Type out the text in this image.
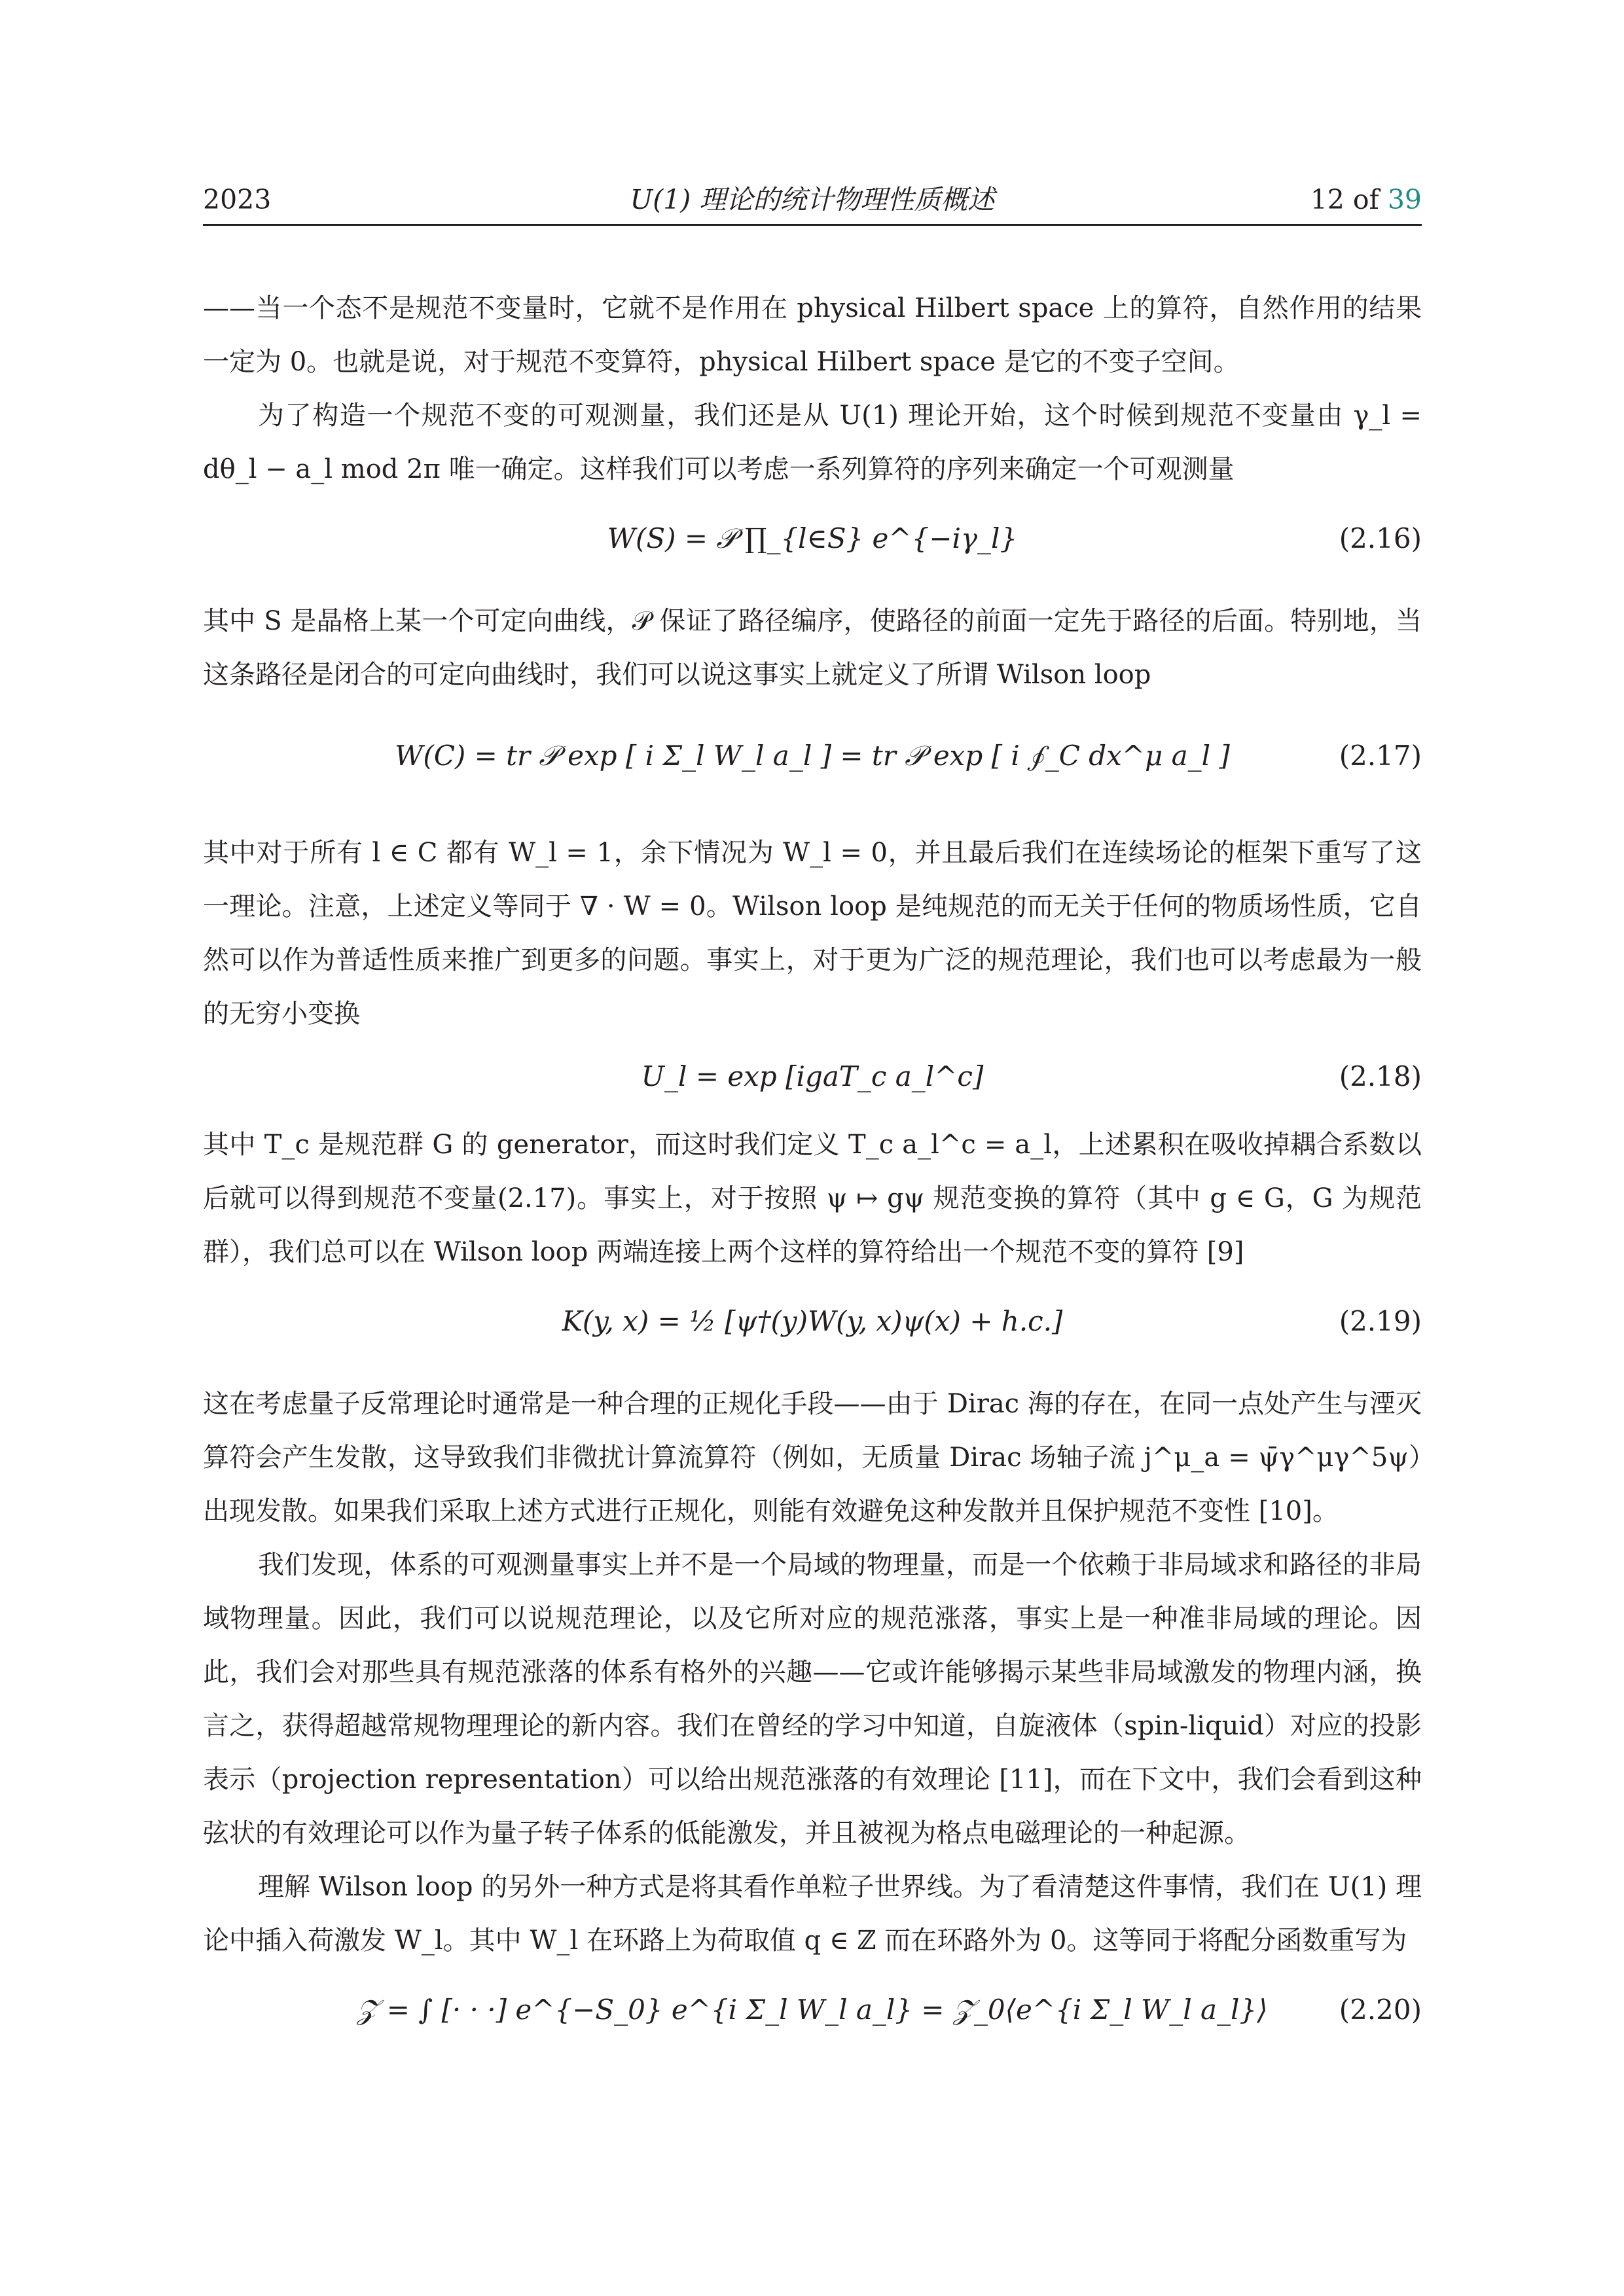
2023	U(1) 理论的统计物理性质概述	12 of 39

——当一个态不是规范不变量时，它就不是作用在 physical Hilbert space 上的算符，自然作用的结果一定为 0。也就是说，对于规范不变算符，physical Hilbert space 是它的不变子空间。

为了构造一个规范不变的可观测量，我们还是从 U(1) 理论开始，这个时候到规范不变量由 γ_l = dθ_l − a_l mod 2π 唯一确定。这样我们可以考虑一系列算符的序列来确定一个可观测量

W(S) = 𝒫 ∏_{l∈S} e^{−iγ_l}	(2.16)

其中 S 是晶格上某一个可定向曲线，𝒫 保证了路径编序，使路径的前面一定先于路径的后面。特别地，当这条路径是闭合的可定向曲线时，我们可以说这事实上就定义了所谓 Wilson loop

W(C) = tr 𝒫 exp [ i Σ_l W_l a_l ] = tr 𝒫 exp [ i ∮_C dx^μ a_l ]	(2.17)

其中对于所有 l ∈ C 都有 W_l = 1，余下情况为 W_l = 0，并且最后我们在连续场论的框架下重写了这一理论。注意，上述定义等同于 ∇ · W = 0。Wilson loop 是纯规范的而无关于任何的物质场性质，它自然可以作为普适性质来推广到更多的问题。事实上，对于更为广泛的规范理论，我们也可以考虑最为一般的无穷小变换

U_l = exp [igaT_c a_l^c]	(2.18)

其中 T_c 是规范群 G 的 generator，而这时我们定义 T_c a_l^c = a_l，上述累积在吸收掉耦合系数以后就可以得到规范不变量(2.17)。事实上，对于按照 ψ ↦ gψ 规范变换的算符（其中 g ∈ G，G 为规范群），我们总可以在 Wilson loop 两端连接上两个这样的算符给出一个规范不变的算符 [9]

K(y, x) = ½ [ψ†(y)W(y, x)ψ(x) + h.c.]	(2.19)

这在考虑量子反常理论时通常是一种合理的正规化手段——由于 Dirac 海的存在，在同一点处产生与湮灭算符会产生发散，这导致我们非微扰计算流算符（例如，无质量 Dirac 场轴子流 j^μ_a = ψ̄γ^μγ^5ψ）出现发散。如果我们采取上述方式进行正规化，则能有效避免这种发散并且保护规范不变性 [10]。

我们发现，体系的可观测量事实上并不是一个局域的物理量，而是一个依赖于非局域求和路径的非局域物理量。因此，我们可以说规范理论，以及它所对应的规范涨落，事实上是一种准非局域的理论。因此，我们会对那些具有规范涨落的体系有格外的兴趣——它或许能够揭示某些非局域激发的物理内涵，换言之，获得超越常规物理理论的新内容。我们在曾经的学习中知道，自旋液体（spin-liquid）对应的投影表示（projection representation）可以给出规范涨落的有效理论 [11]，而在下文中，我们会看到这种弦状的有效理论可以作为量子转子体系的低能激发，并且被视为格点电磁理论的一种起源。

理解 Wilson loop 的另外一种方式是将其看作单粒子世界线。为了看清楚这件事情，我们在 U(1) 理论中插入荷激发 W_l。其中 W_l 在环路上为荷取值 q ∈ ℤ 而在环路外为 0。这等同于将配分函数重写为

𝒵 = ∫ [· · ·] e^{−S_0} e^{i Σ_l W_l a_l} = 𝒵_0⟨e^{i Σ_l W_l a_l}⟩	(2.20)
